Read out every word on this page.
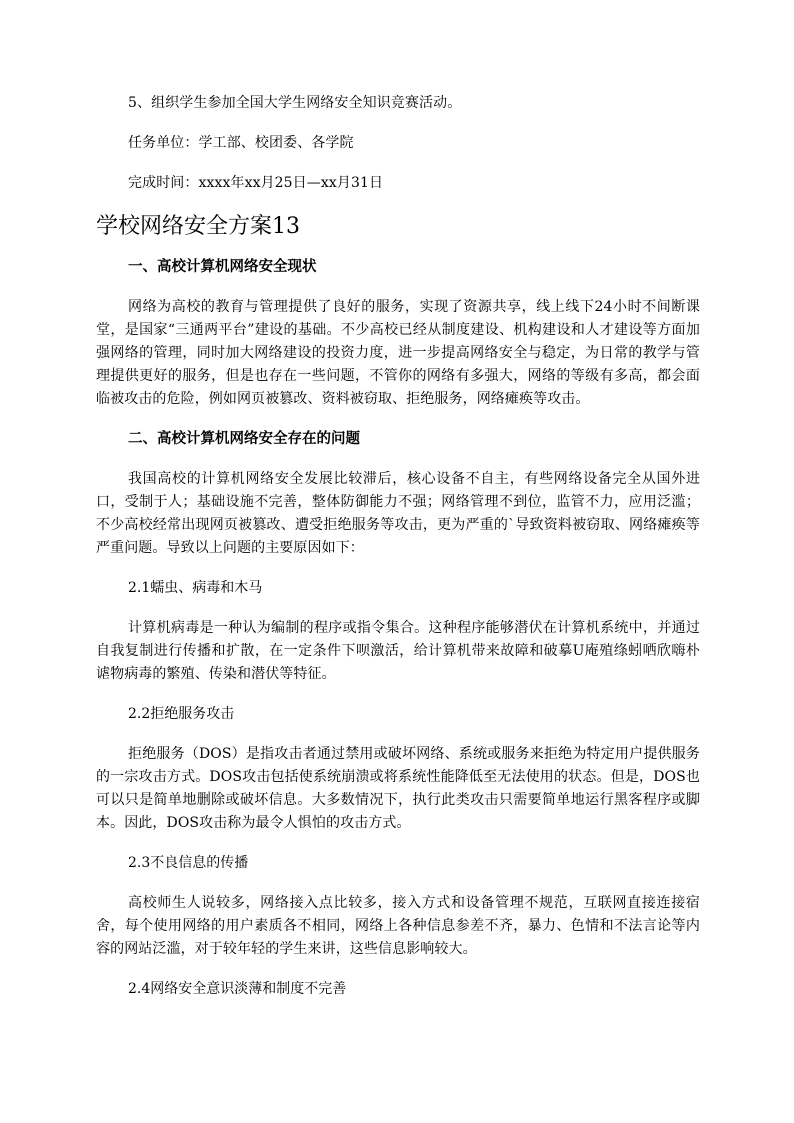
5、组织学生参加全国大学生网络安全知识竞赛活动。

任务单位：学工部、校团委、各学院

完成时间：xxxx年xx月25日—xx月31日

学校网络安全方案13

一、高校计算机网络安全现状

网络为高校的教育与管理提供了良好的服务，实现了资源共享，线上线下24小时不间断课堂，是国家“三通两平台”建设的基础。不少高校已经从制度建设、机构建设和人才建设等方面加强网络的管理，同时加大网络建设的投资力度，进一步提高网络安全与稳定，为日常的教学与管理提供更好的服务，但是也存在一些问题，不管你的网络有多强大，网络的等级有多高，都会面临被攻击的危险，例如网页被篡改、资料被窃取、拒绝服务，网络瘫痪等攻击。

二、高校计算机网络安全存在的问题

我国高校的计算机网络安全发展比较滞后，核心设备不自主，有些网络设备完全从国外进口，受制于人；基础设施不完善，整体防御能力不强；网络管理不到位，监管不力，应用泛滥；不少高校经常出现网页被篡改、遭受拒绝服务等攻击，更为严重的`导致资料被窃取、网络瘫痪等严重问题。导致以上问题的主要原因如下：

2.1蠕虫、病毒和木马

计算机病毒是一种认为编制的程序或指令集合。这种程序能够潜伏在计算机系统中，并通过自我复制进行传播和扩散，在一定条件下呗激活，给计算机带来故障和破摹U庵殖绦蚓哂欣嗨朴谑物病毒的繁殖、传染和潜伏等特征。

2.2拒绝服务攻击

拒绝服务（DOS）是指攻击者通过禁用或破坏网络、系统或服务来拒绝为特定用户提供服务的一宗攻击方式。DOS攻击包括使系统崩溃或将系统性能降低至无法使用的状态。但是，DOS也可以只是简单地删除或破坏信息。大多数情况下，执行此类攻击只需要简单地运行黑客程序或脚本。因此，DOS攻击称为最令人惧怕的攻击方式。

2.3不良信息的传播

高校师生人说较多，网络接入点比较多，接入方式和设备管理不规范，互联网直接连接宿舍，每个使用网络的用户素质各不相同，网络上各种信息参差不齐，暴力、色情和不法言论等内容的网站泛滥，对于较年轻的学生来讲，这些信息影响较大。

2.4网络安全意识淡薄和制度不完善
